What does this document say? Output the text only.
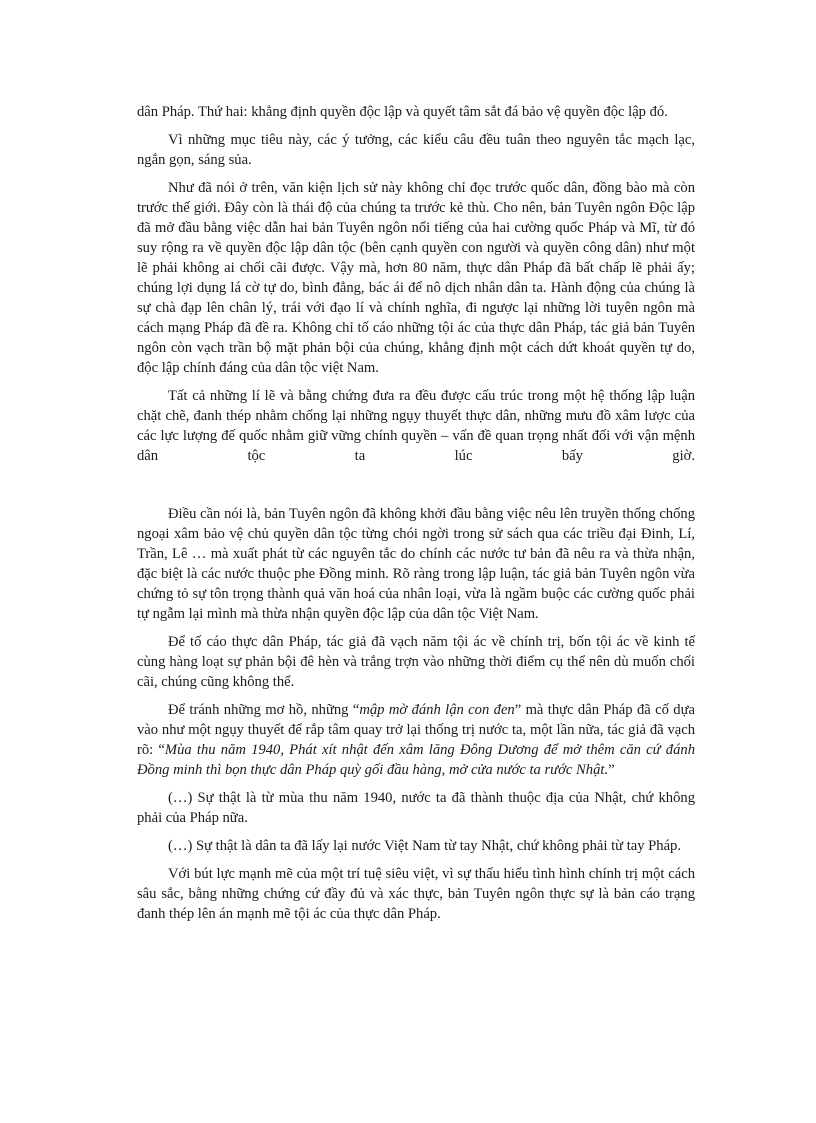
dân Pháp. Thứ hai: khẳng định quyền độc lập và quyết tâm sắt đá bảo vệ quyền độc lập đó.

Vì những mục tiêu này, các ý tưởng, các kiểu câu đều tuân theo nguyên tắc mạch lạc, ngắn gọn, sáng sủa.

Như đã nói ở trên, văn kiện lịch sử này không chỉ đọc trước quốc dân, đồng bào mà còn trước thế giới. Đây còn là thái độ của chúng ta trước kẻ thù. Cho nên, bản Tuyên ngôn Độc lập đã mở đầu bằng việc dẫn hai bản Tuyên ngôn nổi tiếng của hai cường quốc Pháp và Mĩ, từ đó suy rộng ra về quyền độc lập dân tộc (bên cạnh quyền con người và quyền công dân) như một lẽ phải không ai chối cãi được. Vậy mà, hơn 80 năm, thực dân Pháp đã bất chấp lẽ phải ấy; chúng lợi dụng lá cờ tự do, bình đẳng, bác ái để nô dịch nhân dân ta. Hành động của chúng là sự chà đạp lên chân lý, trái với đạo lí và chính nghĩa, đi ngược lại những lời tuyên ngôn mà cách mạng Pháp đã đề ra. Không chỉ tố cáo những tội ác của thực dân Pháp, tác giả bản Tuyên ngôn còn vạch trần bộ mặt phản bội của chúng, khẳng định một cách dứt khoát quyền tự do, độc lập chính đáng của dân tộc việt Nam.

Tất cả những lí lẽ và bằng chứng đưa ra đều được cấu trúc trong một hệ thống lập luận chặt chẽ, đanh thép nhằm chống lại những ngụy thuyết thực dân, những mưu đồ xâm lược của các lực lượng đế quốc nhằm giữ vững chính quyền – vấn đề quan trọng nhất đối với vận mệnh dân tộc ta lúc bấy giờ.

Điều cần nói là, bản Tuyên ngôn đã không khởi đầu bằng việc nêu lên truyền thống chống ngoại xâm bảo vệ chủ quyền dân tộc từng chói ngời trong sử sách qua các triều đại Đinh, Lí, Trần, Lê … mà xuất phát từ các nguyên tắc do chính các nước tư bản đã nêu ra và thừa nhận, đặc biệt là các nước thuộc phe Đồng minh. Rõ ràng trong lập luận, tác giả bản Tuyên ngôn vừa chứng tỏ sự tôn trọng thành quả văn hoá của nhân loại, vừa là ngầm buộc các cường quốc phải tự ngẫm lại mình mà thừa nhận quyền độc lập của dân tộc Việt Nam.

Để tố cáo thực dân Pháp, tác giả đã vạch năm tội ác về chính trị, bốn tội ác về kinh tế cùng hàng loạt sự phản bội đê hèn và trắng trợn vào những thời điểm cụ thể nên dù muốn chối cãi, chúng cũng không thể.

Để tránh những mơ hồ, những “mập mờ đánh lận con đen” mà thực dân Pháp đã cố dựa vào như một ngụy thuyết để rắp tâm quay trở lại thống trị nước ta, một lần nữa, tác giả đã vạch rõ: “Mùa thu năm 1940, Phát xít nhật đến xâm lăng Đông Dương để mở thêm căn cứ đánh Đồng minh thì bọn thực dân Pháp quỳ gối đầu hàng, mở cửa nước ta rước Nhật.”

(…) Sự thật là từ mùa thu năm 1940, nước ta đã thành thuộc địa của Nhật, chứ không phải của Pháp nữa.

(…) Sự thật là dân ta đã lấy lại nước Việt Nam từ tay Nhật, chứ không phải từ tay Pháp.

Với bút lực mạnh mẽ của một trí tuệ siêu việt, vì sự thấu hiểu tình hình chính trị một cách sâu sắc, bằng những chứng cứ đầy đủ và xác thực, bản Tuyên ngôn thực sự là bản cáo trạng đanh thép lên án mạnh mẽ tội ác của thực dân Pháp.
